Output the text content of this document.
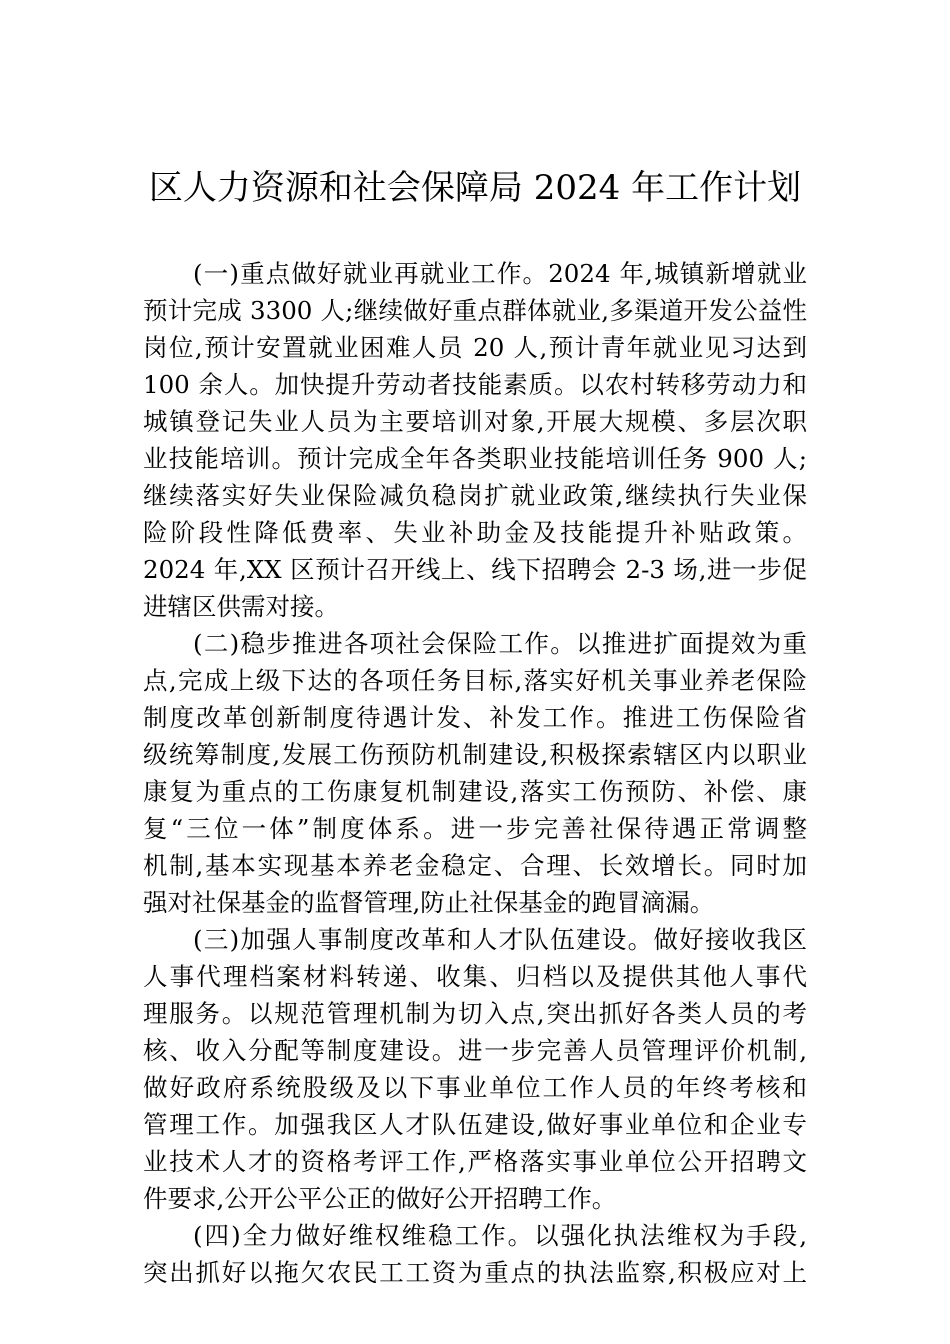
区人力资源和社会保障局 2024 年工作计划
(一)重点做好就业再就业工作。2024 年,城镇新增就业
预计完成 3300 人;继续做好重点群体就业,多渠道开发公益性
岗位,预计安置就业困难人员 20 人,预计青年就业见习达到
100 余人。加快提升劳动者技能素质。以农村转移劳动力和
城镇登记失业人员为主要培训对象,开展大规模、多层次职
业技能培训。预计完成全年各类职业技能培训任务 900 人;
继续落实好失业保险减负稳岗扩就业政策,继续执行失业保
险阶段性降低费率、失业补助金及技能提升补贴政策。
2024 年,XX 区预计召开线上、线下招聘会 2-3 场,进一步促
进辖区供需对接。
(二)稳步推进各项社会保险工作。以推进扩面提效为重
点,完成上级下达的各项任务目标,落实好机关事业养老保险
制度改革创新制度待遇计发、补发工作。推进工伤保险省
级统筹制度,发展工伤预防机制建设,积极探索辖区内以职业
康复为重点的工伤康复机制建设,落实工伤预防、补偿、康
复“三位一体”制度体系。进一步完善社保待遇正常调整
机制,基本实现基本养老金稳定、合理、长效增长。同时加
强对社保基金的监督管理,防止社保基金的跑冒滴漏。
(三)加强人事制度改革和人才队伍建设。做好接收我区
人事代理档案材料转递、收集、归档以及提供其他人事代
理服务。以规范管理机制为切入点,突出抓好各类人员的考
核、收入分配等制度建设。进一步完善人员管理评价机制,
做好政府系统股级及以下事业单位工作人员的年终考核和
管理工作。加强我区人才队伍建设,做好事业单位和企业专
业技术人才的资格考评工作,严格落实事业单位公开招聘文
件要求,公开公平公正的做好公开招聘工作。
(四)全力做好维权维稳工作。以强化执法维权为手段,
突出抓好以拖欠农民工工资为重点的执法监察,积极应对上
